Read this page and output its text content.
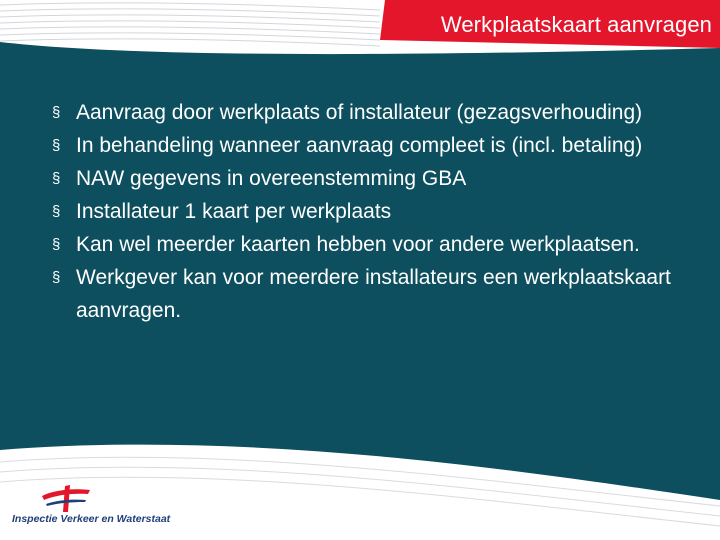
Werkplaatskaart aanvragen
§ Aanvraag door werkplaats of installateur (gezagsverhouding)
§ In behandeling wanneer aanvraag compleet is (incl. betaling)
§ NAW gegevens in overeenstemming GBA
§ Installateur 1 kaart per werkplaats
§ Kan wel meerder kaarten hebben voor andere werkplaatsen.
§ Werkgever kan voor meerdere installateurs een werkplaatskaart aanvragen.
Inspectie Verkeer en Waterstaat
